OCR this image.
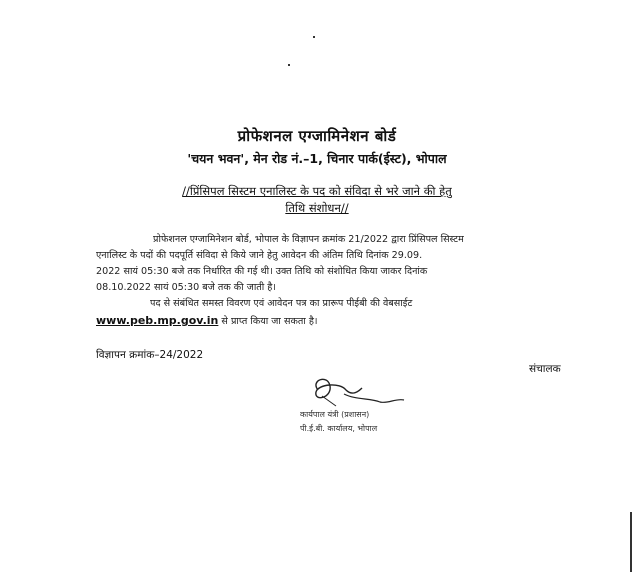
प्रोफेशनल एग्जामिनेशन बोर्ड
'चयन भवन', मेन रोड नं.–1, चिनार पार्क(ईस्ट), भोपाल
//प्रिंसिपल सिस्टम एनालिस्ट के पद को संविदा से भरे जाने की हेतु
तिथि संशोधन//
प्रोफेशनल एग्जामिनेशन बोर्ड, भोपाल के विज्ञापन क्रमांक 21/2022 द्वारा प्रिंसिपल सिस्टम
एनालिस्ट के पदों की पदपूर्ति संविदा से किये जाने हेतु आवेदन की अंतिम तिथि दिनांक 29.09.
2022 सायं 05:30 बजे तक निर्धारित की गई थी। उक्त तिथि को संशोधित किया जाकर दिनांक
08.10.2022 सायं 05:30 बजे तक की जाती है।
पद से संबंधित समस्त विवरण एवं आवेदन पत्र का प्रारूप पीईबी की वेबसाईट
www.peb.mp.gov.in से प्राप्त किया जा सकता है।
विज्ञापन क्रमांक–24/2022
संचालक
कार्यपाल यंत्री (प्रशासन)
पी.ई.बी. कार्यालय, भोपाल
